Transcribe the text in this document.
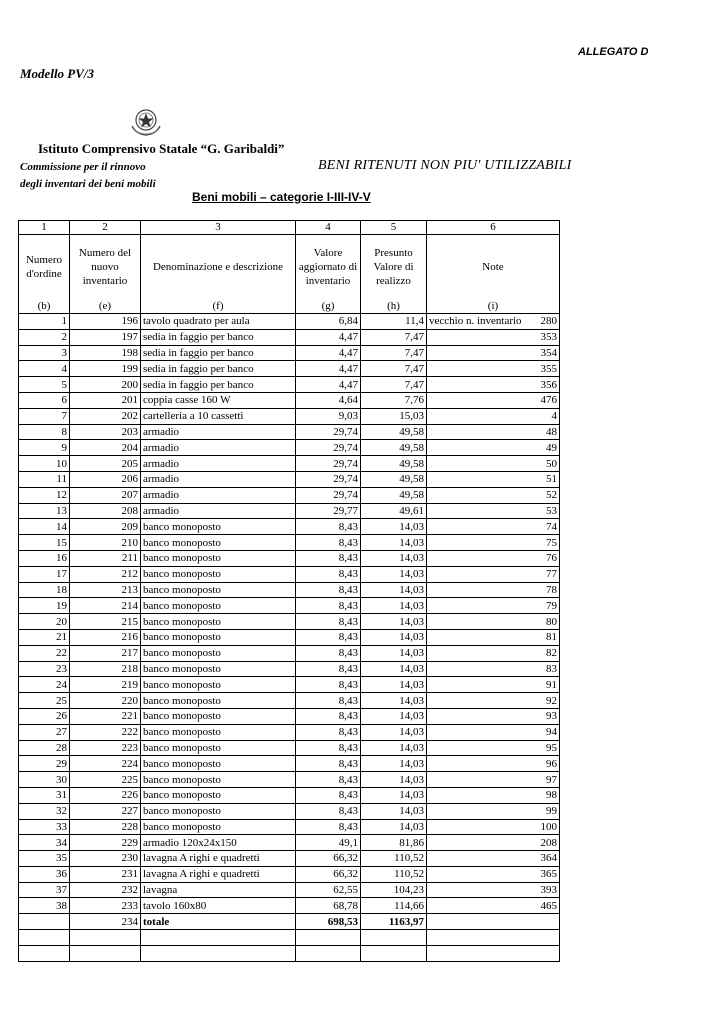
ALLEGATO D
Modello PV/3
Istituto Comprensivo Statale “G. Garibaldi”
Commissione per il rinnovo
degli inventari dei beni mobili
BENI RITENUTI NON PIU' UTILIZZABILI
Beni mobili – categorie I-III-IV-V
1	2	3	4	5	6
Numero d'ordine	Numero del nuovo inventario	Denominazione e descrizione	Valore aggiornato di inventario	Presunto Valore di realizzo	Note
(b)	(e)	(f)	(g)	(h)	(i)
1	196	tavolo quadrato per aula	6,84	11,4	vecchio n. inventario 280

2	197	sedia in faggio per banco	4,47	7,47	353

3	198	sedia in faggio per banco	4,47	7,47	354

4	199	sedia in faggio per banco	4,47	7,47	355

5	200	sedia in faggio per banco	4,47	7,47	356

6	201	coppia casse 160 W	4,64	7,76	476

7	202	cartelleria a 10 cassetti	9,03	15,03	4

8	203	armadio	29,74	49,58	48

9	204	armadio	29,74	49,58	49

10	205	armadio	29,74	49,58	50

11	206	armadio	29,74	49,58	51

12	207	armadio	29,74	49,58	52

13	208	armadio	29,77	49,61	53

14	209	banco monoposto	8,43	14,03	74

15	210	banco monoposto	8,43	14,03	75

16	211	banco monoposto	8,43	14,03	76

17	212	banco monoposto	8,43	14,03	77

18	213	banco monoposto	8,43	14,03	78

19	214	banco monoposto	8,43	14,03	79

20	215	banco monoposto	8,43	14,03	80

21	216	banco monoposto	8,43	14,03	81

22	217	banco monoposto	8,43	14,03	82

23	218	banco monoposto	8,43	14,03	83

24	219	banco monoposto	8,43	14,03	91

25	220	banco monoposto	8,43	14,03	92

26	221	banco monoposto	8,43	14,03	93

27	222	banco monoposto	8,43	14,03	94

28	223	banco monoposto	8,43	14,03	95

29	224	banco monoposto	8,43	14,03	96

30	225	banco monoposto	8,43	14,03	97

31	226	banco monoposto	8,43	14,03	98

32	227	banco monoposto	8,43	14,03	99

33	228	banco monoposto	8,43	14,03	100

34	229	armadio 120x24x150	49,1	81,86	208

35	230	lavagna A righi e quadretti	66,32	110,52	364

36	231	lavagna A righi e quadretti	66,32	110,52	365

37	232	lavagna	62,55	104,23	393

38	233	tavolo 160x80	68,78	114,66	465

	234	totale	698,53	1163,97	
